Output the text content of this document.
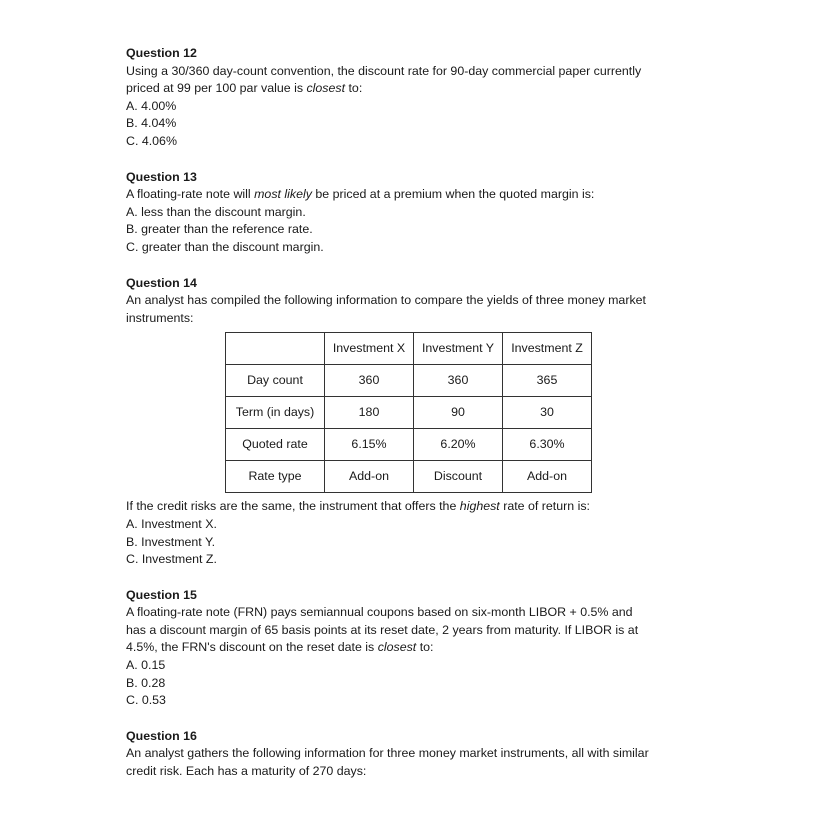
Question 12
Using a 30/360 day-count convention, the discount rate for 90-day commercial paper currently
priced at 99 per 100 par value is closest to:
A. 4.00%
B. 4.04%
C. 4.06%
Question 13
A floating-rate note will most likely be priced at a premium when the quoted margin is:
A. less than the discount margin.
B. greater than the reference rate.
C. greater than the discount margin.
Question 14
An analyst has compiled the following information to compare the yields of three money market
instruments:
	Investment X	Investment Y	Investment Z
Day count	360	360	365
Term (in days)	180	90	30
Quoted rate	6.15%	6.20%	6.30%
Rate type	Add-on	Discount	Add-on
If the credit risks are the same, the instrument that offers the highest rate of return is:
A. Investment X.
B. Investment Y.
C. Investment Z.
Question 15
A floating-rate note (FRN) pays semiannual coupons based on six-month LIBOR + 0.5% and
has a discount margin of 65 basis points at its reset date, 2 years from maturity. If LIBOR is at
4.5%, the FRN's discount on the reset date is closest to:
A. 0.15
B. 0.28
C. 0.53
Question 16
An analyst gathers the following information for three money market instruments, all with similar
credit risk. Each has a maturity of 270 days:
